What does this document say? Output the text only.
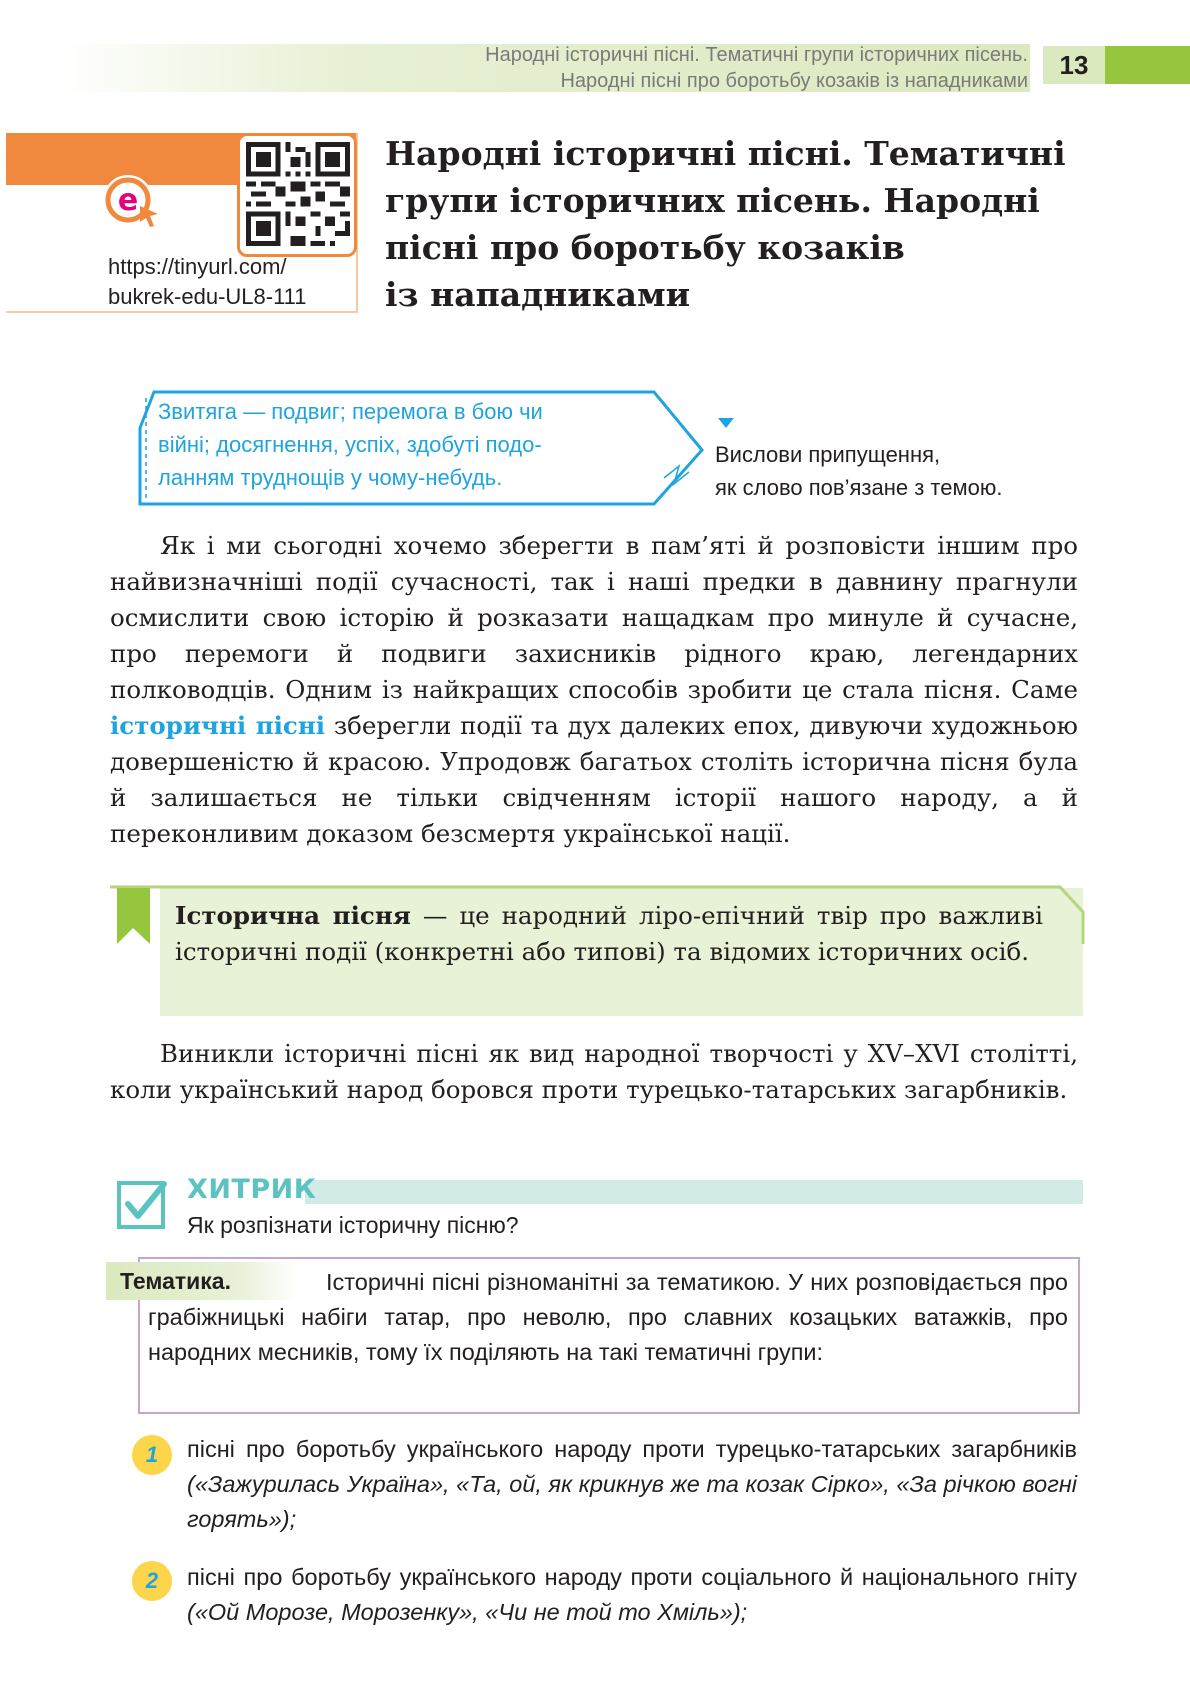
Народні історичні пісні. Тематичні групи історичних пісень.
Народні пісні про боротьбу козаків із нападниками
13
e
https://tinyurl.com/
bukrek-edu-UL8-111
Народні історичні пісні. Тематичні
групи історичних пісень. Народні
пісні про боротьбу козаків
із нападниками
Звитяга — подвиг; перемога в бою чи
війні; досягнення, успіх, здобуті подо-
ланням труднощів у чому-небудь.
Вислови припущення,
як слово пов’язане з темою.

Як і ми сьогодні хочемо зберегти в пам’яті й розповісти іншим про найвизначніші події сучасності, так і наші предки в давнину прагнули осмислити свою історію й розказати нащадкам про минуле й сучасне, про перемоги й подвиги захисників рідного краю, легендарних полководців. Одним із найкращих способів зробити це стала пісня. Саме історичні пісні зберегли події та дух далеких епох, дивуючи художньою довершеністю й красою. Упродовж багатьох століть історична пісня була й залишається не тільки свідченням історії нашого народу, а й переконливим доказом безсмертя української нації.

Історична пісня — це народний ліро-епічний твір про важливі історичні події (конкретні або типові) та відомих історичних осіб.

Виникли історичні пісні як вид народної творчості у XV–XVI столітті, коли український народ боровся проти турецько-татарських загарбників.

ХИТРИК
Як розпізнати історичну пісню?
Тематика.	Історичні пісні різноманітні за тематикою. У них розповідається про грабіжницькі набіги татар, про неволю, про славних козацьких ватажків, про народних месників, тому їх поділяють на такі тематичні групи:

1	пісні про боротьбу українського народу проти турецько-татарських загарбників («Зажурилась Україна», «Та, ой, як крикнув же та козак Сірко», «За річкою вогні горять»);

2	пісні про боротьбу українського народу проти соціального й національного гніту («Ой Морозе, Морозенку», «Чи не той то Хміль»);
